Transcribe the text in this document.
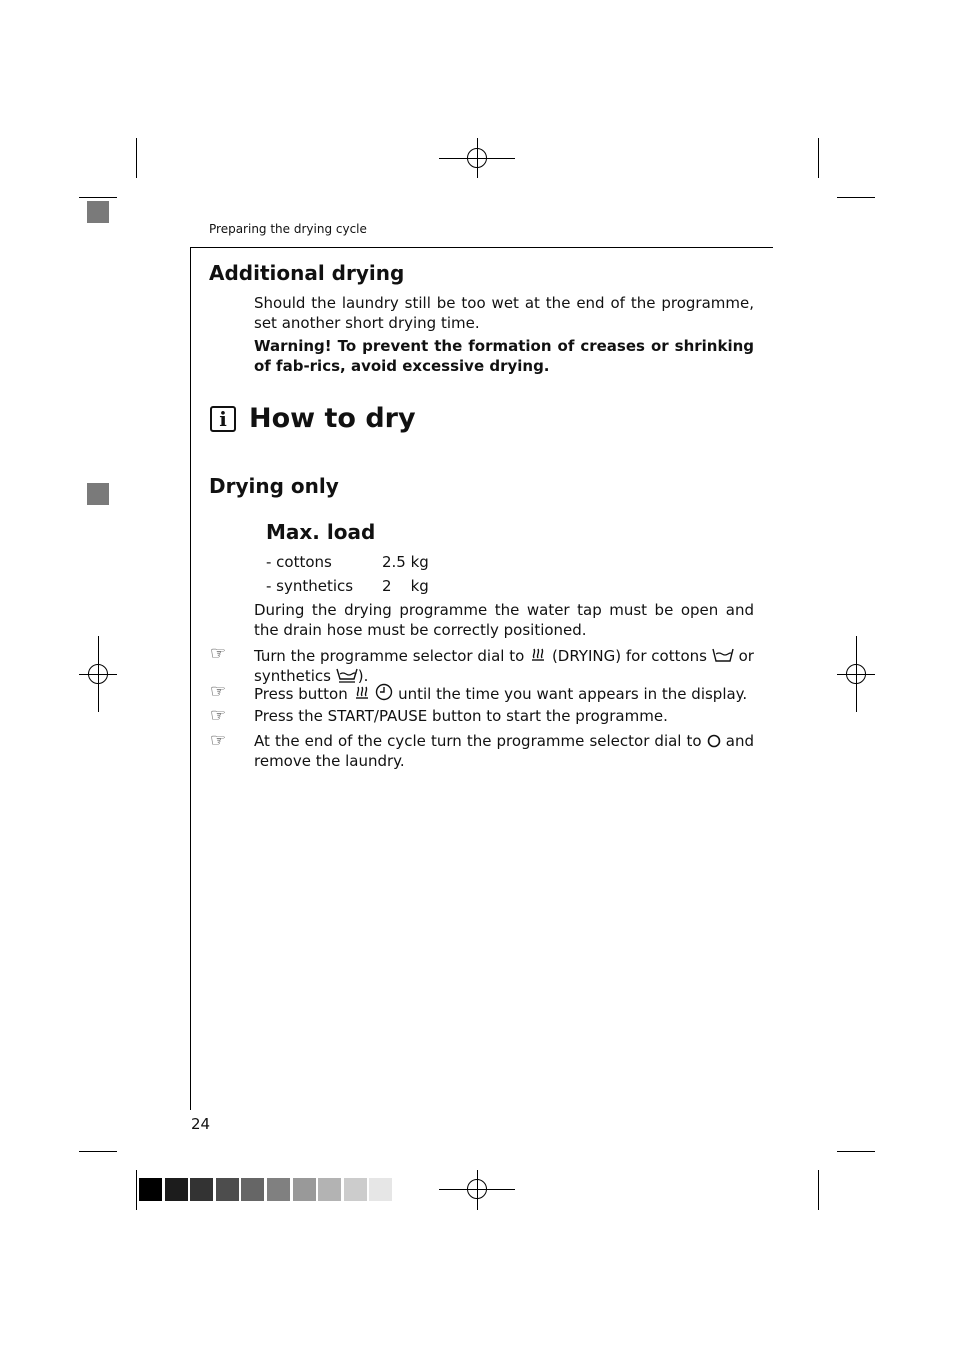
Preparing the drying cycle
Additional drying

Should the laundry still be too wet at the end of the programme, set another short drying time.

Warning! To prevent the formation of creases or shrinking of fab-rics, avoid excessive drying.

i How to dry
Drying only
Max. load
- cottons	2.5 kg
- synthetics 2    kg

During the drying programme the water tap must be open and the drain hose must be correctly positioned.

☞ Turn the programme selector dial to (DRYING) for cottons or synthetics ).
☞ Press button	until the time you want appears in the display.
☞ Press the START/PAUSE button to start the programme.
☞ At the end of the cycle turn the programme selector dial to and remove the laundry.
24
